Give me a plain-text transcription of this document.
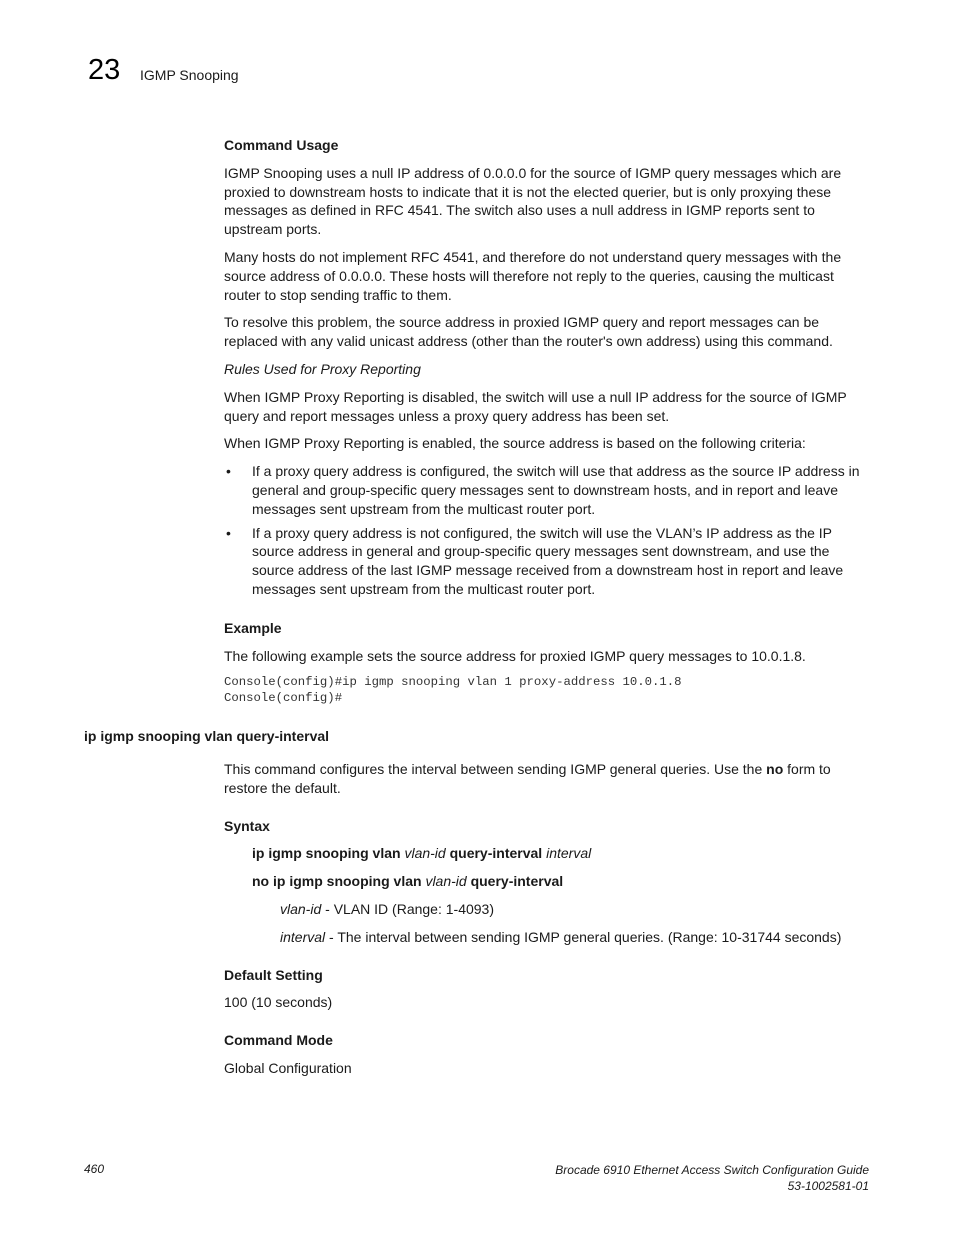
23 IGMP Snooping

Command Usage

IGMP Snooping uses a null IP address of 0.0.0.0 for the source of IGMP query messages which are proxied to downstream hosts to indicate that it is not the elected querier, but is only proxying these messages as defined in RFC 4541. The switch also uses a null address in IGMP reports sent to upstream ports.

Many hosts do not implement RFC 4541, and therefore do not understand query messages with the source address of 0.0.0.0. These hosts will therefore not reply to the queries, causing the multicast router to stop sending traffic to them.

To resolve this problem, the source address in proxied IGMP query and report messages can be replaced with any valid unicast address (other than the router's own address) using this command.

Rules Used for Proxy Reporting

When IGMP Proxy Reporting is disabled, the switch will use a null IP address for the source of IGMP query and report messages unless a proxy query address has been set.

When IGMP Proxy Reporting is enabled, the source address is based on the following criteria:

• If a proxy query address is configured, the switch will use that address as the source IP address in general and group-specific query messages sent to downstream hosts, and in report and leave messages sent upstream from the multicast router port.
• If a proxy query address is not configured, the switch will use the VLAN’s IP address as the IP source address in general and group-specific query messages sent downstream, and use the source address of the last IGMP message received from a downstream host in report and leave messages sent upstream from the multicast router port.

Example

The following example sets the source address for proxied IGMP query messages to 10.0.1.8.

Console(config)#ip igmp snooping vlan 1 proxy-address 10.0.1.8
Console(config)#
ip igmp snooping vlan query-interval

This command configures the interval between sending IGMP general queries. Use the no form to restore the default.

Syntax

ip igmp snooping vlan vlan-id query-interval interval

no ip igmp snooping vlan vlan-id query-interval

vlan-id - VLAN ID (Range: 1-4093)

interval - The interval between sending IGMP general queries. (Range: 10-31744 seconds)

Default Setting

100 (10 seconds)

Command Mode

Global Configuration

460	Brocade 6910 Ethernet Access Switch Configuration Guide
53-1002581-01
